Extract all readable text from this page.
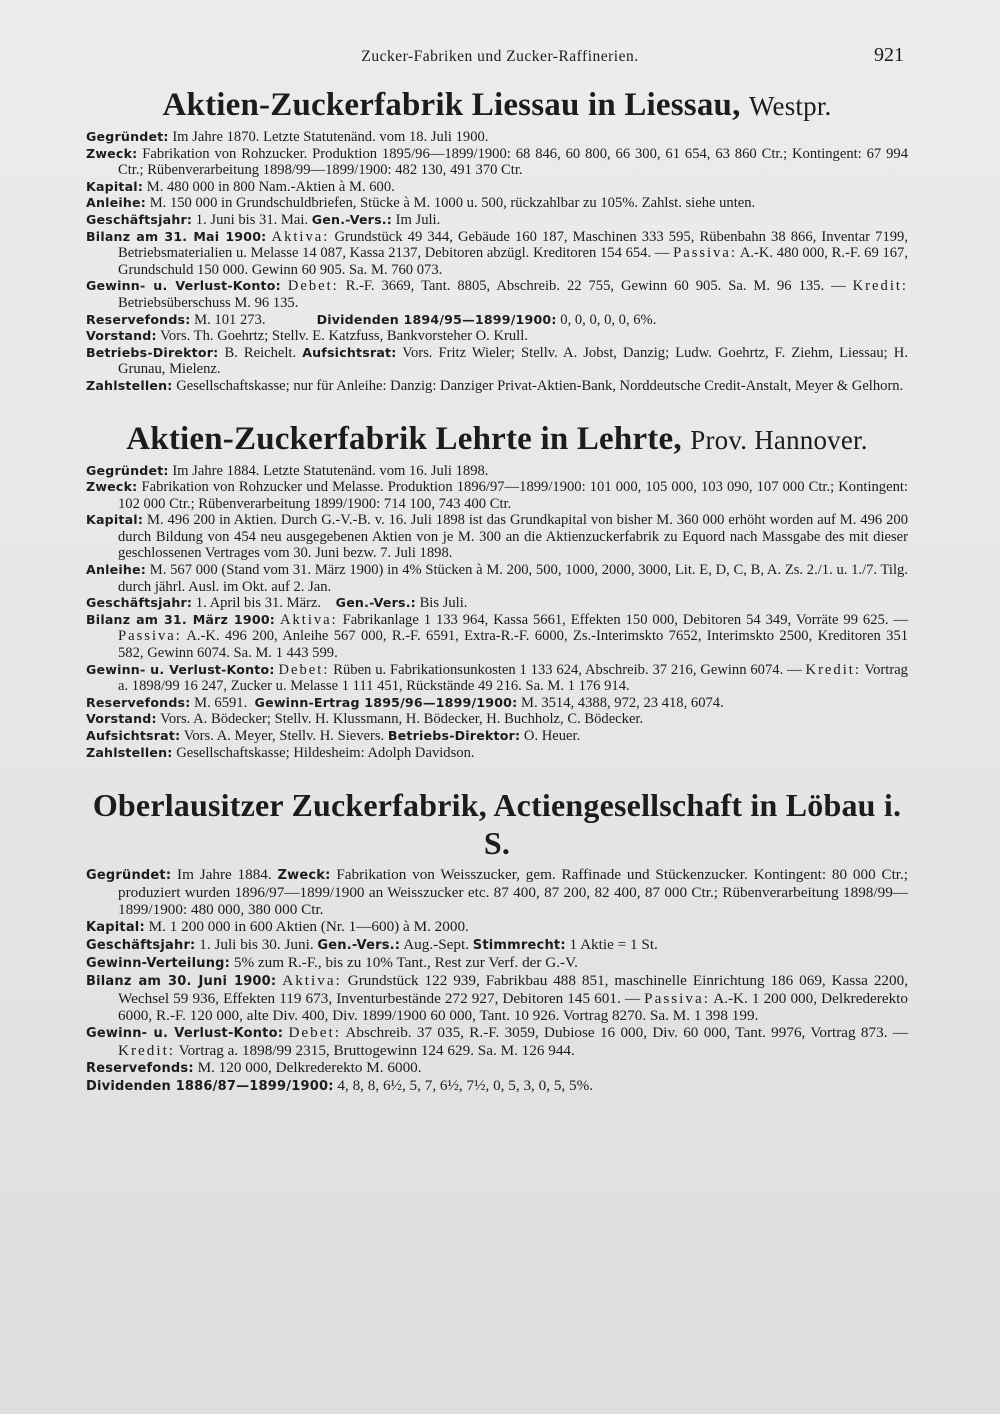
Zucker-Fabriken und Zucker-Raffinerien.	921
Aktien-Zuckerfabrik Liessau in Liessau, Westpr.

Gegründet: Im Jahre 1870. Letzte Statutenänd. vom 18. Juli 1900.

Zweck: Fabrikation von Rohzucker. Produktion 1895/96—1899/1900: 68 846, 60 800, 66 300, 61 654, 63 860 Ctr.; Kontingent: 67 994 Ctr.; Rübenverarbeitung 1898/99—1899/1900: 482 130, 491 370 Ctr.

Kapital: M. 480 000 in 800 Nam.-Aktien à M. 600.

Anleihe: M. 150 000 in Grundschuldbriefen, Stücke à M. 1000 u. 500, rückzahlbar zu 105%. Zahlst. siehe unten.

Geschäftsjahr: 1. Juni bis 31. Mai. Gen.-Vers.: Im Juli.

Bilanz am 31. Mai 1900: Aktiva: Grundstück 49 344, Gebäude 160 187, Maschinen 333 595, Rübenbahn 38 866, Inventar 7199, Betriebsmaterialien u. Melasse 14 087, Kassa 2137, Debitoren abzügl. Kreditoren 154 654. — Passiva: A.-K. 480 000, R.-F. 69 167, Grundschuld 150 000. Gewinn 60 905. Sa. M. 760 073.

Gewinn- u. Verlust-Konto: Debet: R.-F. 3669, Tant. 8805, Abschreib. 22 755, Gewinn 60 905. Sa. M. 96 135. — Kredit: Betriebsüberschuss M. 96 135.

Reservefonds: M. 101 273.	Dividenden 1894/95—1899/1900: 0, 0, 0, 0, 0, 6%.

Vorstand: Vors. Th. Goehrtz; Stellv. E. Katzfuss, Bankvorsteher O. Krull.

Betriebs-Direktor: B. Reichelt. Aufsichtsrat: Vors. Fritz Wieler; Stellv. A. Jobst, Danzig; Ludw. Goehrtz, F. Ziehm, Liessau; H. Grunau, Mielenz.

Zahlstellen: Gesellschaftskasse; nur für Anleihe: Danzig: Danziger Privat-Aktien-Bank, Norddeutsche Credit-Anstalt, Meyer & Gelhorn.

Aktien-Zuckerfabrik Lehrte in Lehrte, Prov. Hannover.

Gegründet: Im Jahre 1884. Letzte Statutenänd. vom 16. Juli 1898.

Zweck: Fabrikation von Rohzucker und Melasse. Produktion 1896/97—1899/1900: 101 000, 105 000, 103 090, 107 000 Ctr.; Kontingent: 102 000 Ctr.; Rübenverarbeitung 1899/1900: 714 100, 743 400 Ctr.

Kapital: M. 496 200 in Aktien. Durch G.-V.-B. v. 16. Juli 1898 ist das Grundkapital von bisher M. 360 000 erhöht worden auf M. 496 200 durch Bildung von 454 neu ausgegebenen Aktien von je M. 300 an die Aktienzuckerfabrik zu Equord nach Massgabe des mit dieser geschlossenen Vertrages vom 30. Juni bezw. 7. Juli 1898.

Anleihe: M. 567 000 (Stand vom 31. März 1900) in 4% Stücken à M. 200, 500, 1000, 2000, 3000, Lit. E, D, C, B, A. Zs. 2./1. u. 1./7. Tilg. durch jährl. Ausl. im Okt. auf 2. Jan.

Geschäftsjahr: 1. April bis 31. März. Gen.-Vers.: Bis Juli.

Bilanz am 31. März 1900: Aktiva: Fabrikanlage 1 133 964, Kassa 5661, Effekten 150 000, Debitoren 54 349, Vorräte 99 625. — Passiva: A.-K. 496 200, Anleihe 567 000, R.-F. 6591, Extra-R.-F. 6000, Zs.-Interimskto 7652, Interimskto 2500, Kreditoren 351 582, Gewinn 6074. Sa. M. 1 443 599.

Gewinn- u. Verlust-Konto: Debet: Rüben u. Fabrikationsunkosten 1 133 624, Abschreib. 37 216, Gewinn 6074. — Kredit: Vortrag a. 1898/99 16 247, Zucker u. Melasse 1 111 451, Rückstände 49 216. Sa. M. 1 176 914.

Reservefonds: M. 6591. Gewinn-Ertrag 1895/96—1899/1900: M. 3514, 4388, 972, 23 418, 6074.

Vorstand: Vors. A. Bödecker; Stellv. H. Klussmann, H. Bödecker, H. Buchholz, C. Bödecker.

Aufsichtsrat: Vors. A. Meyer, Stellv. H. Sievers. Betriebs-Direktor: O. Heuer.

Zahlstellen: Gesellschaftskasse; Hildesheim: Adolph Davidson.

Oberlausitzer Zuckerfabrik, Actiengesellschaft in Löbau i. S.

Gegründet: Im Jahre 1884. Zweck: Fabrikation von Weisszucker, gem. Raffinade und Stückenzucker. Kontingent: 80 000 Ctr.; produziert wurden 1896/97—1899/1900 an Weisszucker etc. 87 400, 87 200, 82 400, 87 000 Ctr.; Rübenverarbeitung 1898/99—1899/1900: 480 000, 380 000 Ctr.

Kapital: M. 1 200 000 in 600 Aktien (Nr. 1—600) à M. 2000.

Geschäftsjahr: 1. Juli bis 30. Juni. Gen.-Vers.: Aug.-Sept. Stimmrecht: 1 Aktie = 1 St.

Gewinn-Verteilung: 5% zum R.-F., bis zu 10% Tant., Rest zur Verf. der G.-V.

Bilanz am 30. Juni 1900: Aktiva: Grundstück 122 939, Fabrikbau 488 851, maschinelle Einrichtung 186 069, Kassa 2200, Wechsel 59 936, Effekten 119 673, Inventurbestände 272 927, Debitoren 145 601. — Passiva: A.-K. 1 200 000, Delkrederekto 6000, R.-F. 120 000, alte Div. 400, Div. 1899/1900 60 000, Tant. 10 926. Vortrag 8270. Sa. M. 1 398 199.

Gewinn- u. Verlust-Konto: Debet: Abschreib. 37 035, R.-F. 3059, Dubiose 16 000, Div. 60 000, Tant. 9976, Vortrag 873. — Kredit: Vortrag a. 1898/99 2315, Bruttogewinn 124 629. Sa. M. 126 944.

Reservefonds: M. 120 000, Delkrederekto M. 6000.

Dividenden 1886/87—1899/1900: 4, 8, 8, 6½, 5, 7, 6½, 7½, 0, 5, 3, 0, 5, 5%.
